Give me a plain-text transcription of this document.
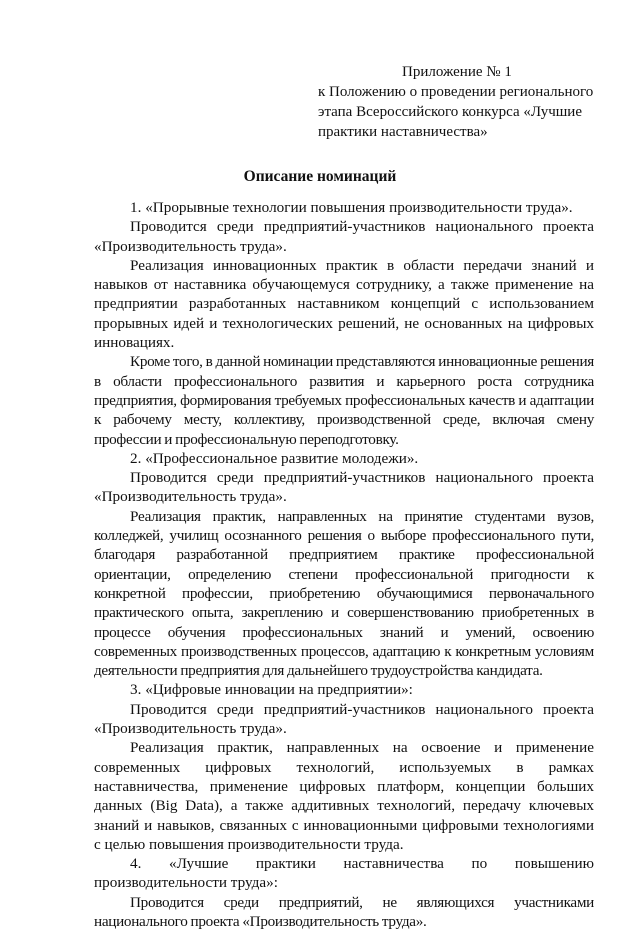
Приложение № 1
к Положению о проведении регионального
этапа Всероссийского конкурса «Лучшие
практики наставничества»
Описание номинаций

1. «Прорывные технологии повышения производительности труда».

Проводится среди предприятий-участников национального проекта «Производительность труда».

Реализация инновационных практик в области передачи знаний и навыков от наставника обучающемуся сотруднику, а также применение на предприятии разработанных наставником концепций с использованием прорывных идей и технологических решений, не основанных на цифровых инновациях.

Кроме того, в данной номинации представляются инновационные решения в области профессионального развития и карьерного роста сотрудника предприятия, формирования требуемых профессиональных качеств и адаптации к рабочему месту, коллективу, производственной среде, включая смену профессии и профессиональную переподготовку.

2. «Профессиональное развитие молодежи».

Проводится среди предприятий-участников национального проекта «Производительность труда».

Реализация практик, направленных на принятие студентами вузов, колледжей, училищ осознанного решения о выборе профессионального пути, благодаря разработанной предприятием практике профессиональной ориентации, определению степени профессиональной пригодности к конкретной профессии, приобретению обучающимися первоначального практического опыта, закреплению и совершенствованию приобретенных в процессе обучения профессиональных знаний и умений, освоению современных производственных процессов, адаптацию к конкретным условиям деятельности предприятия для дальнейшего трудоустройства кандидата.

3. «Цифровые инновации на предприятии»:

Проводится среди предприятий-участников национального проекта «Производительность труда».

Реализация практик, направленных на освоение и применение современных цифровых технологий, используемых в рамках наставничества, применение цифровых платформ, концепции больших данных (Big Data), а также аддитивных технологий, передачу ключевых знаний и навыков, связанных с инновационными цифровыми технологиями с целью повышения производительности труда.

4. «Лучшие практики наставничества по повышению производительности труда»:

Проводится среди предприятий, не являющихся участниками национального проекта «Производительность труда».
